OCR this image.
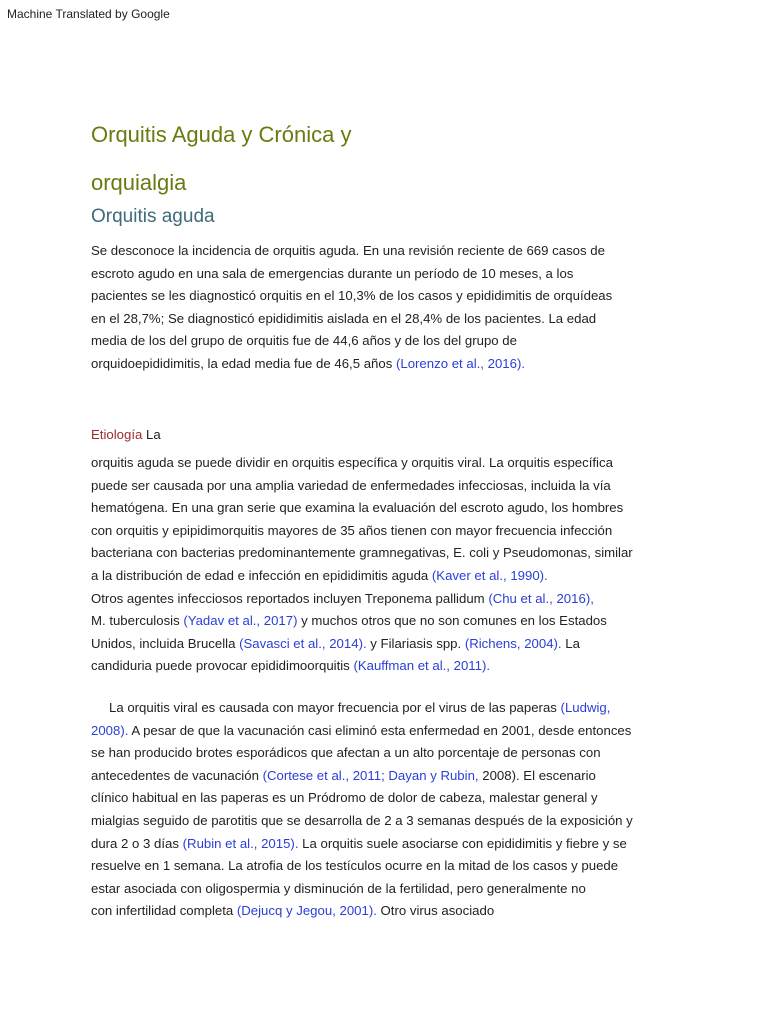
Machine Translated by Google
Orquitis Aguda y Crónica y
orquialgia
Orquitis aguda

Se desconoce la incidencia de orquitis aguda. En una revisión reciente de 669 casos de
escroto agudo en una sala de emergencias durante un período de 10 meses, a los
pacientes se les diagnosticó orquitis en el 10,3% de los casos y epididimitis de orquídeas
en el 28,7%; Se diagnosticó epididimitis aislada en el 28,4% de los pacientes. La edad
media de los del grupo de orquitis fue de 44,6 años y de los del grupo de
orquidoepididimitis, la edad media fue de 46,5 años (Lorenzo et al., 2016).

Etiología La

orquitis aguda se puede dividir en orquitis específica y orquitis viral. La orquitis específica
puede ser causada por una amplia variedad de enfermedades infecciosas, incluida la vía
hematógena. En una gran serie que examina la evaluación del escroto agudo, los hombres
con orquitis y epipidimorquitis mayores de 35 años tienen con mayor frecuencia infección
bacteriana con bacterias predominantemente gramnegativas, E. coli y Pseudomonas, similar
a la distribución de edad e infección en epididimitis aguda (Kaver et al., 1990).
Otros agentes infecciosos reportados incluyen Treponema pallidum (Chu et al., 2016),
M. tuberculosis (Yadav et al., 2017) y muchos otros que no son comunes en los Estados
Unidos, incluida Brucella (Savasci et al., 2014). y Filariasis spp. (Richens, 2004). La
candiduria puede provocar epididimoorquitis (Kauffman et al., 2011).

La orquitis viral es causada con mayor frecuencia por el virus de las paperas (Ludwig,
2008). A pesar de que la vacunación casi eliminó esta enfermedad en 2001, desde entonces
se han producido brotes esporádicos que afectan a un alto porcentaje de personas con
antecedentes de vacunación (Cortese et al., 2011; Dayan y Rubin, 2008). El escenario
clínico habitual en las paperas es un Pródromo de dolor de cabeza, malestar general y
mialgias seguido de parotitis que se desarrolla de 2 a 3 semanas después de la exposición y
dura 2 o 3 días (Rubin et al., 2015). La orquitis suele asociarse con epididimitis y fiebre y se
resuelve en 1 semana. La atrofia de los testículos ocurre en la mitad de los casos y puede
estar asociada con oligospermia y disminución de la fertilidad, pero generalmente no
con infertilidad completa (Dejucq y Jegou, 2001). Otro virus asociado
